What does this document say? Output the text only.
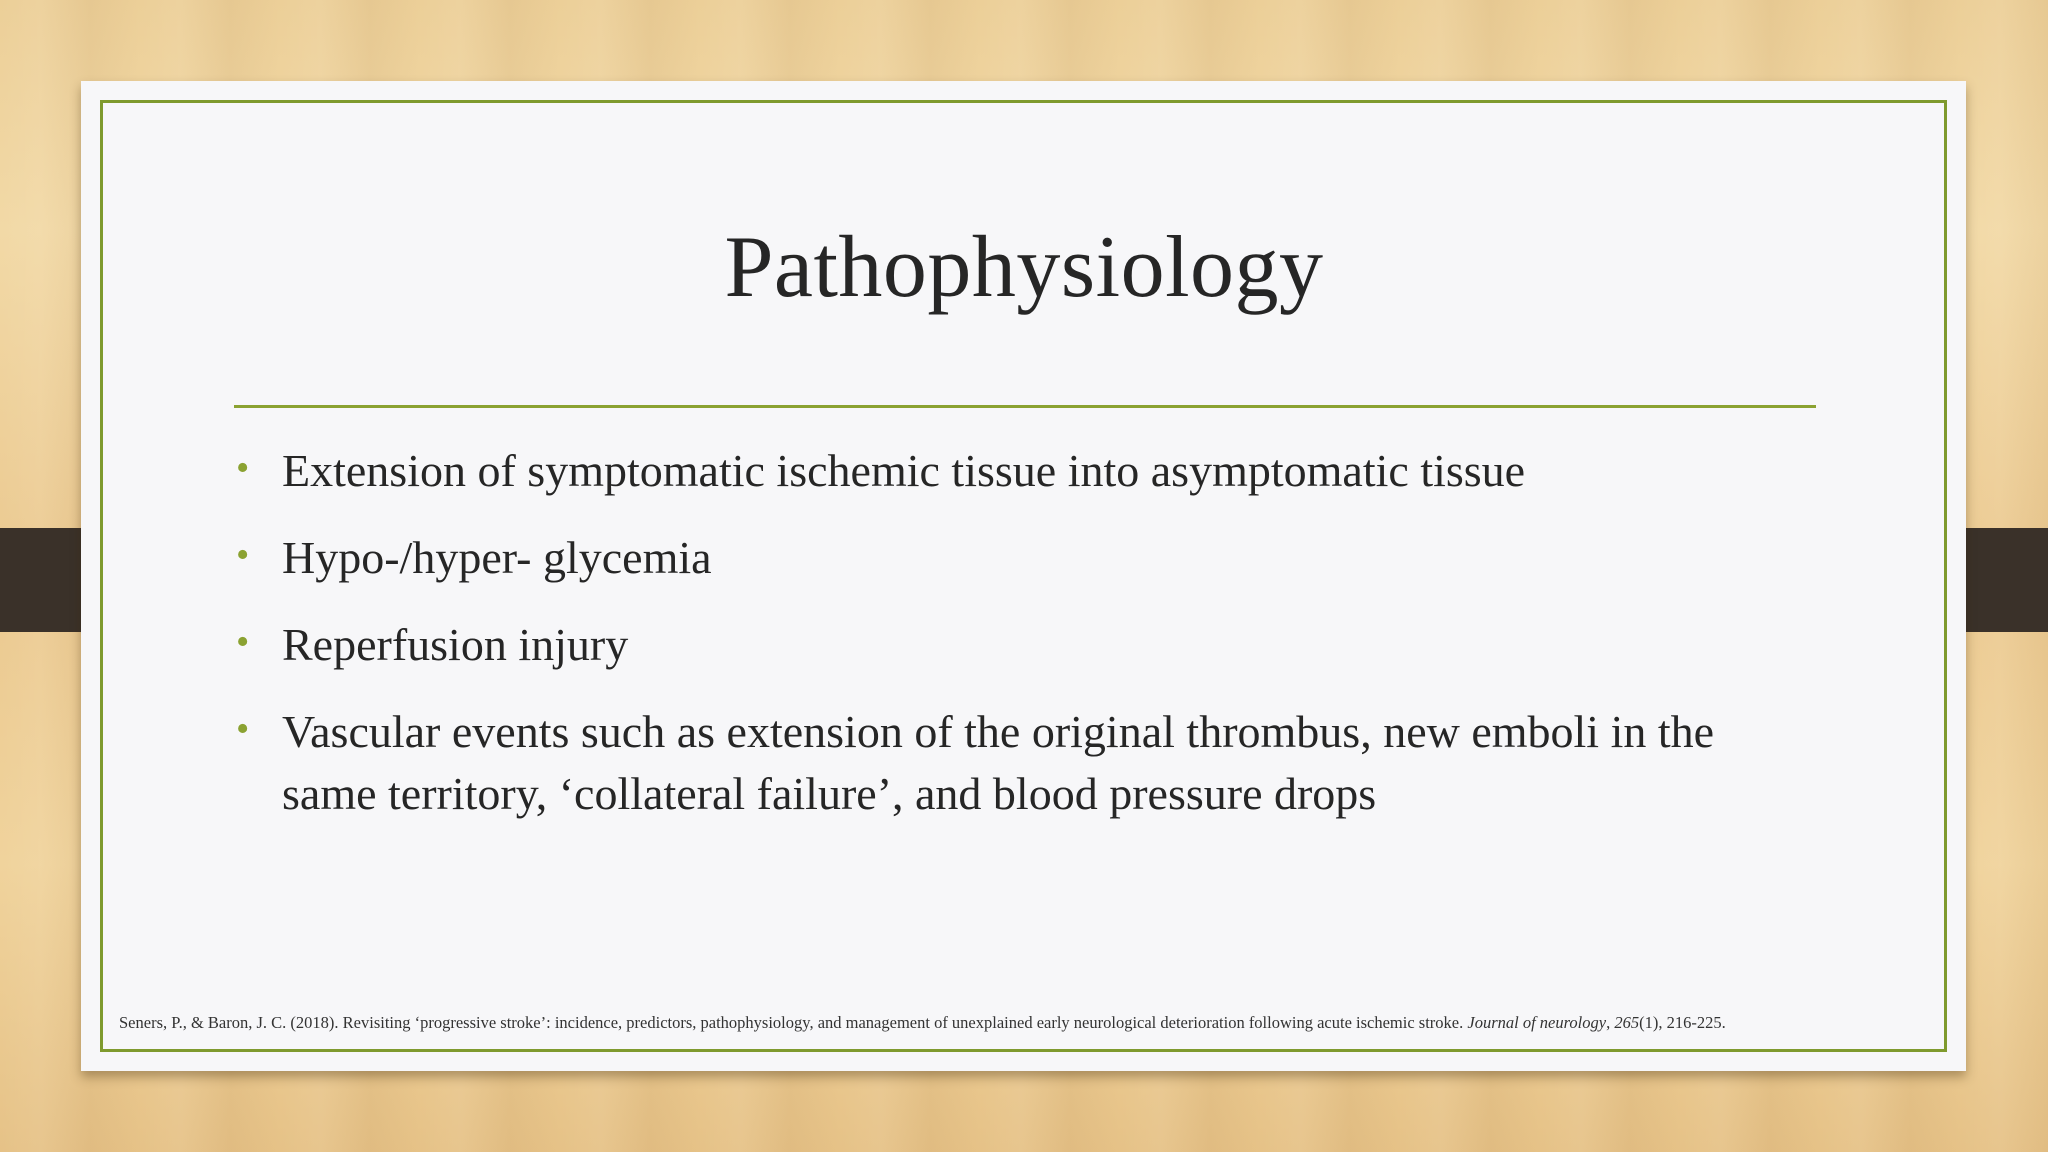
Pathophysiology
• Extension of symptomatic ischemic tissue into asymptomatic tissue
• Hypo-/hyper- glycemia
• Reperfusion injury
• Vascular events such as extension of the original thrombus, new emboli in the same territory, ‘collateral failure’, and blood pressure drops
Seners, P., & Baron, J. C. (2018). Revisiting ‘progressive stroke’: incidence, predictors, pathophysiology, and management of unexplained early neurological deterioration following acute ischemic stroke. Journal of neurology, 265(1), 216-225.
